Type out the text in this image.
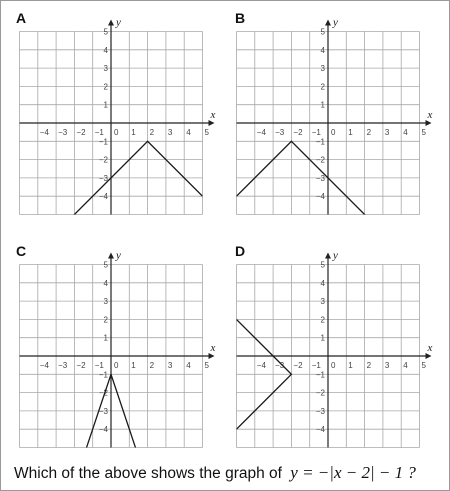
A
x
y
−4 −3 −2 −1 0 1 2 3 4 5
5
4
3
2
1
−1
−2
−3
−4
B
x
y
−4 −3 −2 −1 0 1 2 3 4 5
5
4
3
2
1
−1
−2
−3
−4
C
x
y
−4 −3 −2 −1 0 1 2 3 4 5
5
4
3
2
1
−1
−2
−3
−4
D
x
y
−4 −3 −2 −1 0 1 2 3 4 5
5
4
3
2
1
−1
−2
−3
−4
Which of the above shows the graph of y = −|x − 2| − 1 ?
